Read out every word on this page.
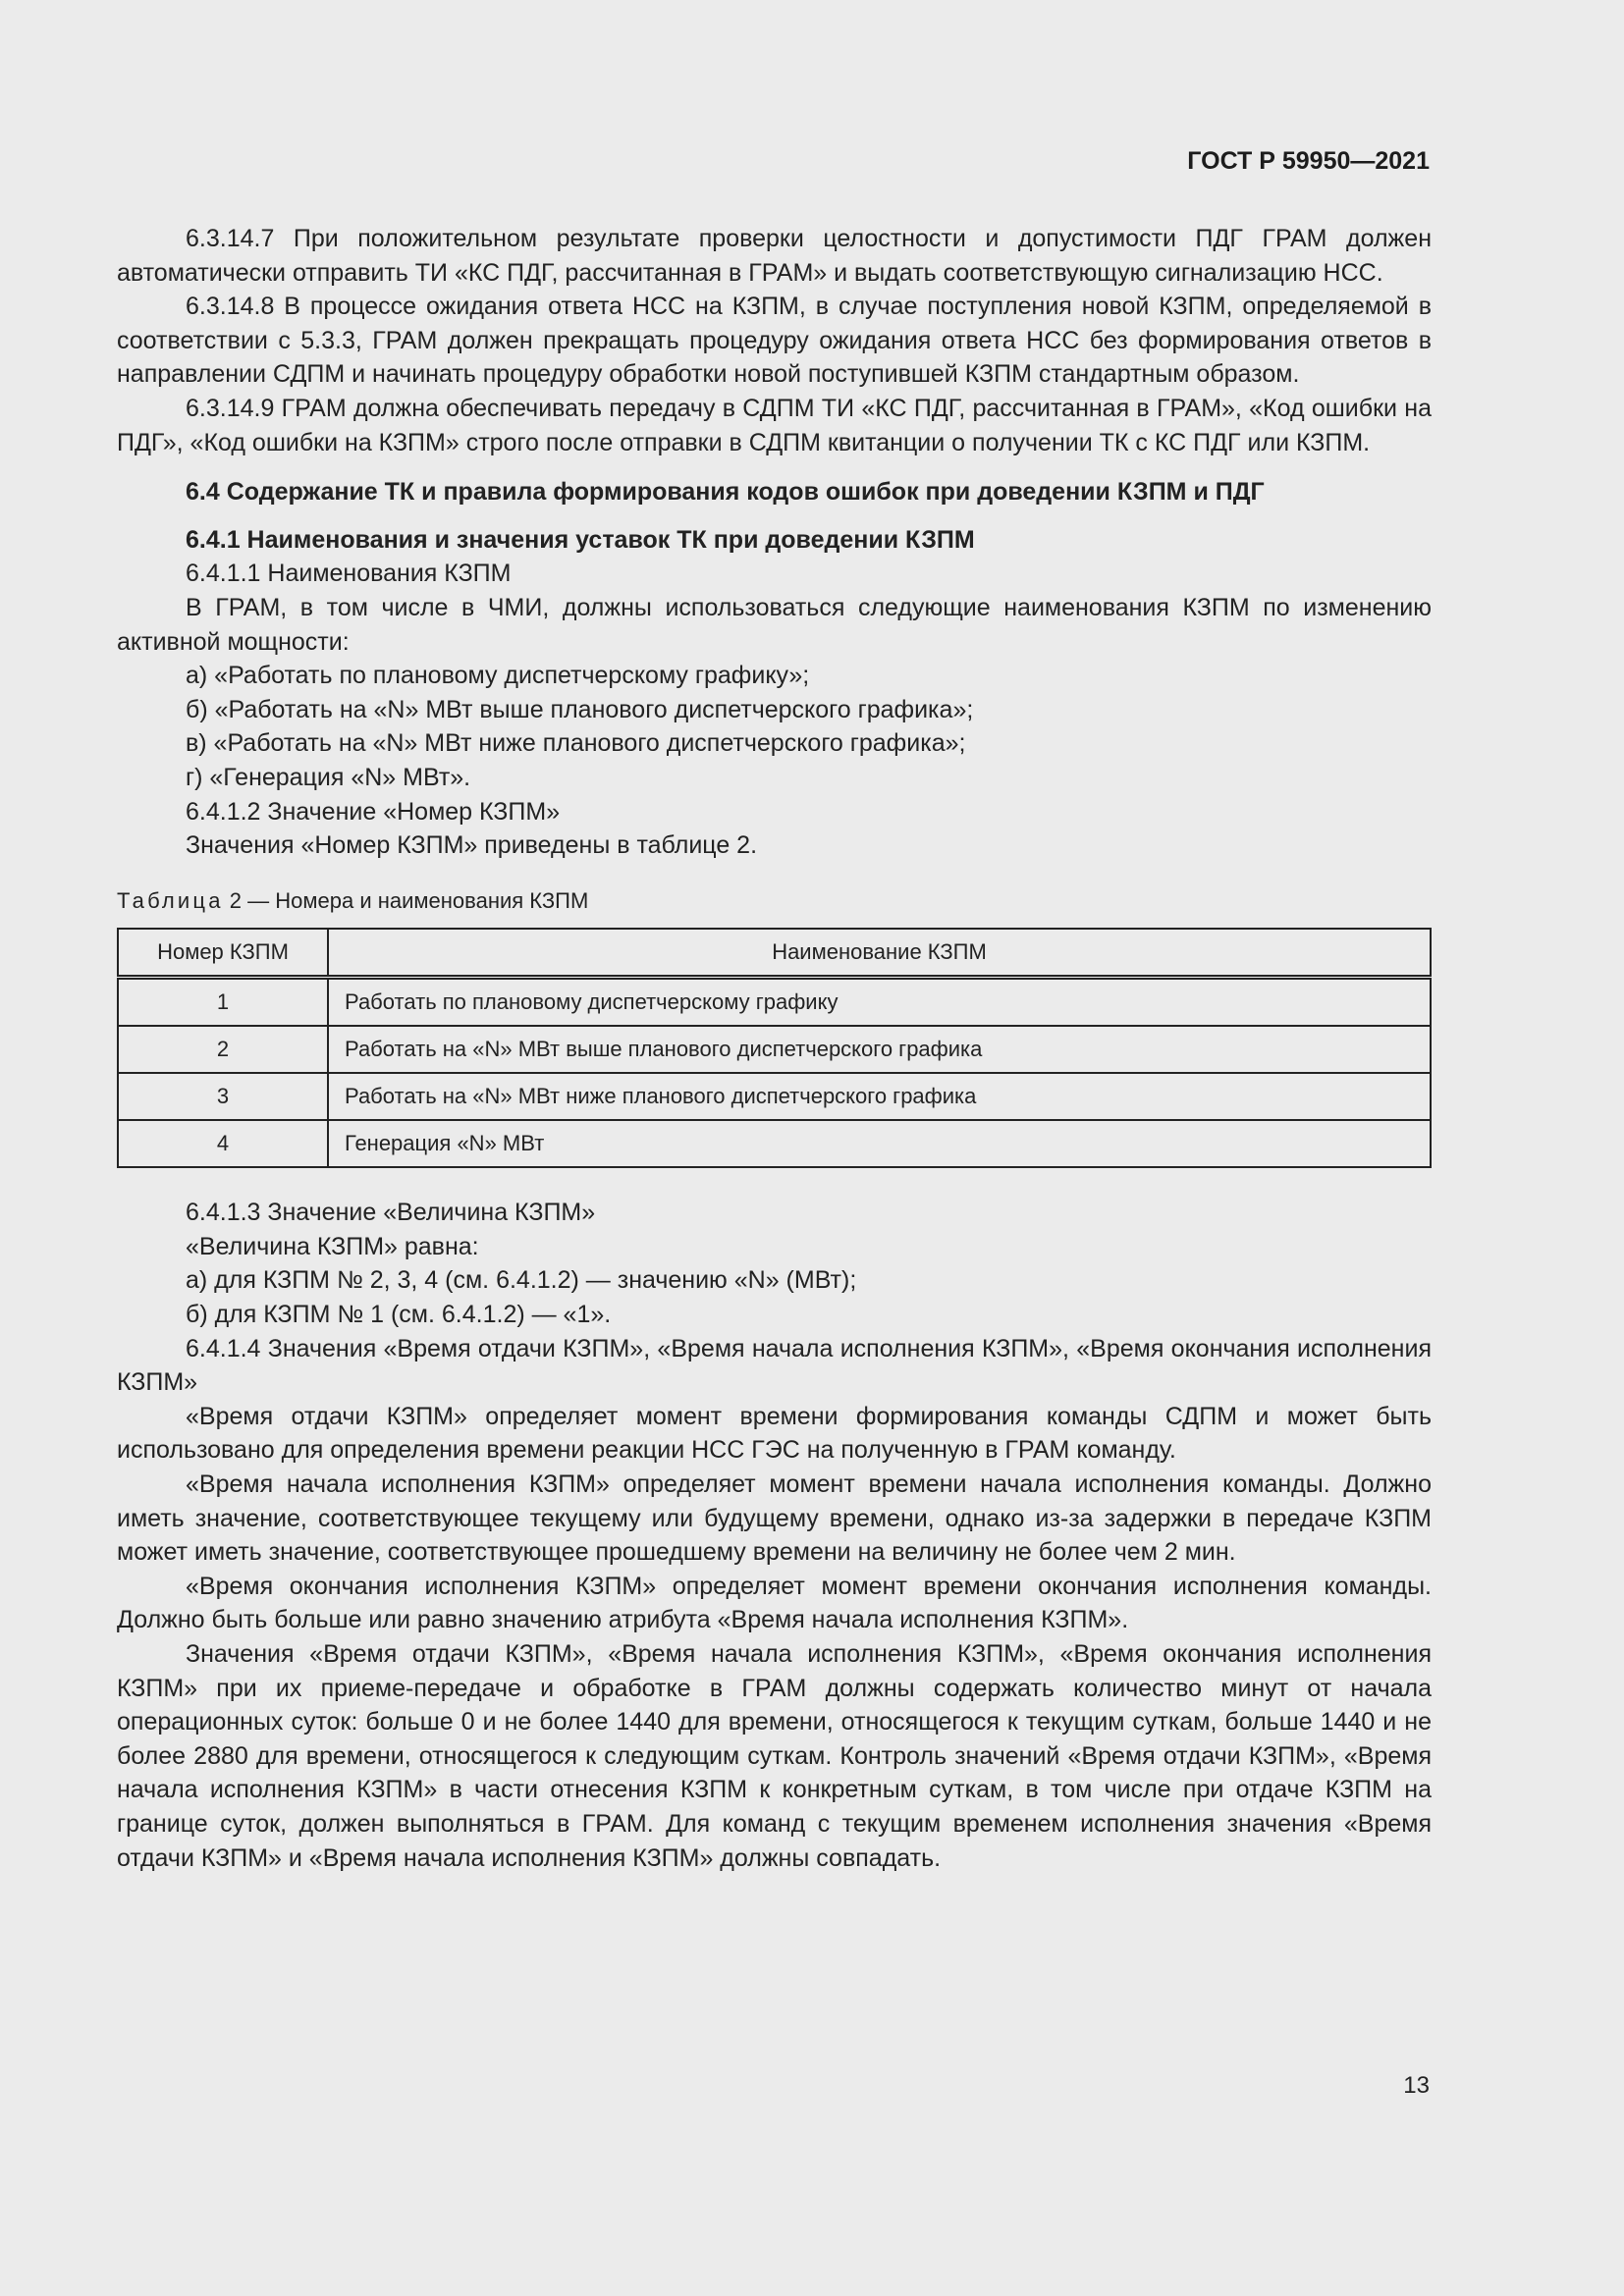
ГОСТ Р 59950—2021

6.3.14.7 При положительном результате проверки целостности и допустимости ПДГ ГРАМ должен автоматически отправить ТИ «КС ПДГ, рассчитанная в ГРАМ» и выдать соответствующую сигнализацию НСС.

6.3.14.8 В процессе ожидания ответа НСС на КЗПМ, в случае поступления новой КЗПМ, определяемой в соответствии с 5.3.3, ГРАМ должен прекращать процедуру ожидания ответа НСС без формирования ответов в направлении СДПМ и начинать процедуру обработки новой поступившей КЗПМ стандартным образом.

6.3.14.9 ГРАМ должна обеспечивать передачу в СДПМ ТИ «КС ПДГ, рассчитанная в ГРАМ», «Код ошибки на ПДГ», «Код ошибки на КЗПМ» строго после отправки в СДПМ квитанции о получении ТК с КС ПДГ или КЗПМ.

6.4 Содержание ТК и правила формирования кодов ошибок при доведении КЗПМ и ПДГ

6.4.1 Наименования и значения уставок ТК при доведении КЗПМ

6.4.1.1 Наименования КЗПМ

В ГРАМ, в том числе в ЧМИ, должны использоваться следующие наименования КЗПМ по изменению активной мощности:

а) «Работать по плановому диспетчерскому графику»;

б) «Работать на «N» МВт выше планового диспетчерского графика»;

в) «Работать на «N» МВт ниже планового диспетчерского графика»;

г) «Генерация «N» МВт».

6.4.1.2 Значение «Номер КЗПМ»

Значения «Номер КЗПМ» приведены в таблице 2.

Таблица 2 — Номера и наименования КЗПМ
Номер КЗПМ	Наименование КЗПМ
1	Работать по плановому диспетчерскому графику
2	Работать на «N» МВт выше планового диспетчерского графика
3	Работать на «N» МВт ниже планового диспетчерского графика
4	Генерация «N» МВт

6.4.1.3 Значение «Величина КЗПМ»

«Величина КЗПМ» равна:

а) для КЗПМ № 2, 3, 4 (см. 6.4.1.2) — значению «N» (МВт);

б) для КЗПМ № 1 (см. 6.4.1.2) — «1».

6.4.1.4 Значения «Время отдачи КЗПМ», «Время начала исполнения КЗПМ», «Время окончания исполнения КЗПМ»

«Время отдачи КЗПМ» определяет момент времени формирования команды СДПМ и может быть использовано для определения времени реакции НСС ГЭС на полученную в ГРАМ команду.

«Время начала исполнения КЗПМ» определяет момент времени начала исполнения команды. Должно иметь значение, соответствующее текущему или будущему времени, однако из-за задержки в передаче КЗПМ может иметь значение, соответствующее прошедшему времени на величину не более чем 2 мин.

«Время окончания исполнения КЗПМ» определяет момент времени окончания исполнения команды. Должно быть больше или равно значению атрибута «Время начала исполнения КЗПМ».

Значения «Время отдачи КЗПМ», «Время начала исполнения КЗПМ», «Время окончания исполнения КЗПМ» при их приеме-передаче и обработке в ГРАМ должны содержать количество минут от начала операционных суток: больше 0 и не более 1440 для времени, относящегося к текущим суткам, больше 1440 и не более 2880 для времени, относящегося к следующим суткам. Контроль значений «Время отдачи КЗПМ», «Время начала исполнения КЗПМ» в части отнесения КЗПМ к конкретным суткам, в том числе при отдаче КЗПМ на границе суток, должен выполняться в ГРАМ. Для команд с текущим временем исполнения значения «Время отдачи КЗПМ» и «Время начала исполнения КЗПМ» должны совпадать.

13
